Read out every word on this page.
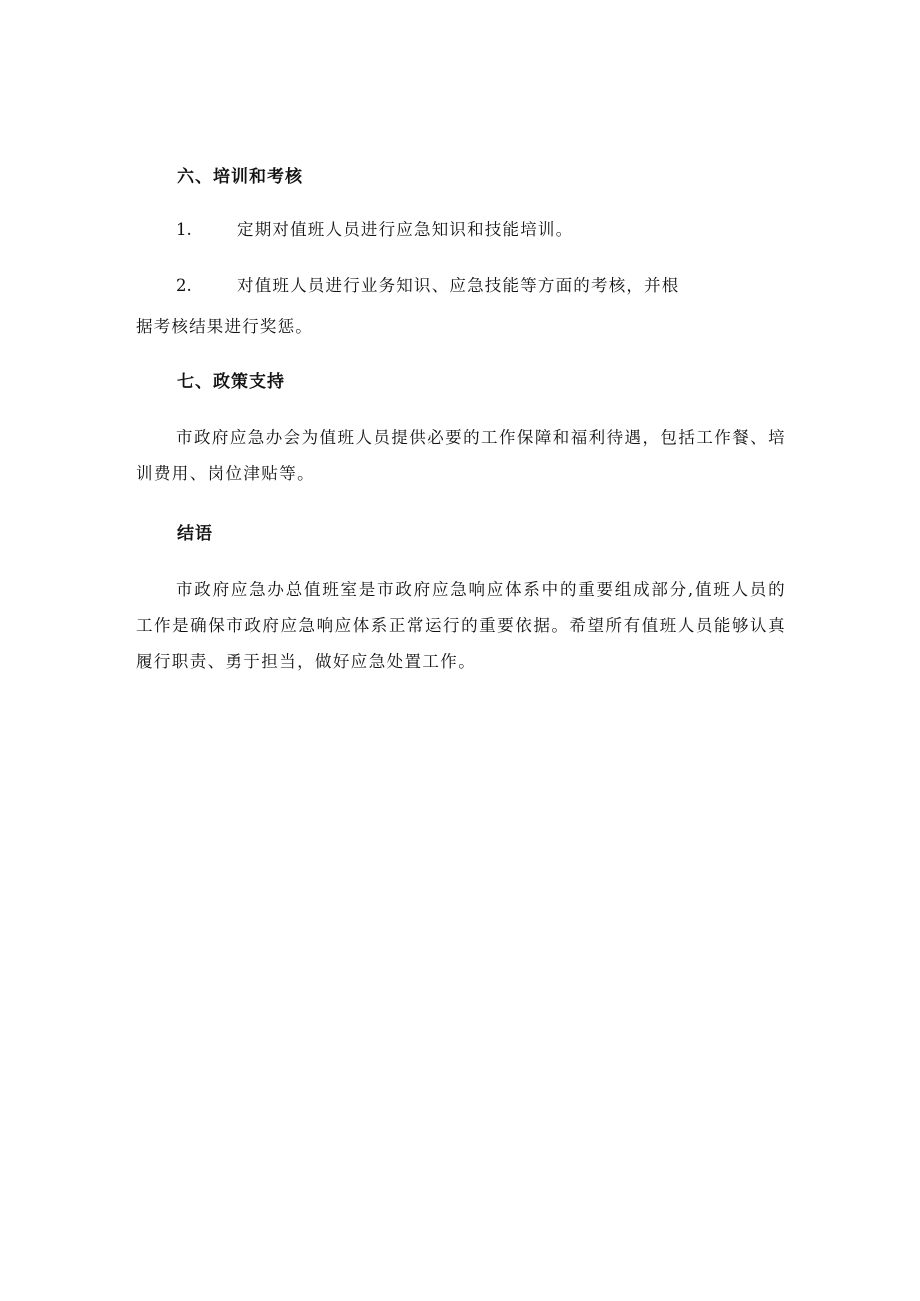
六、培训和考核
1.	定期对值班人员进行应急知识和技能培训。
2.	对值班人员进行业务知识、应急技能等方面的考核，并根
据考核结果进行奖惩。
七、政策支持
市政府应急办会为值班人员提供必要的工作保障和福利待遇，包括工作餐、培训费用、岗位津贴等。
结语
市政府应急办总值班室是市政府应急响应体系中的重要组成部分,值班人员的工作是确保市政府应急响应体系正常运行的重要依据。希望所有值班人员能够认真履行职责、勇于担当，做好应急处置工作。
